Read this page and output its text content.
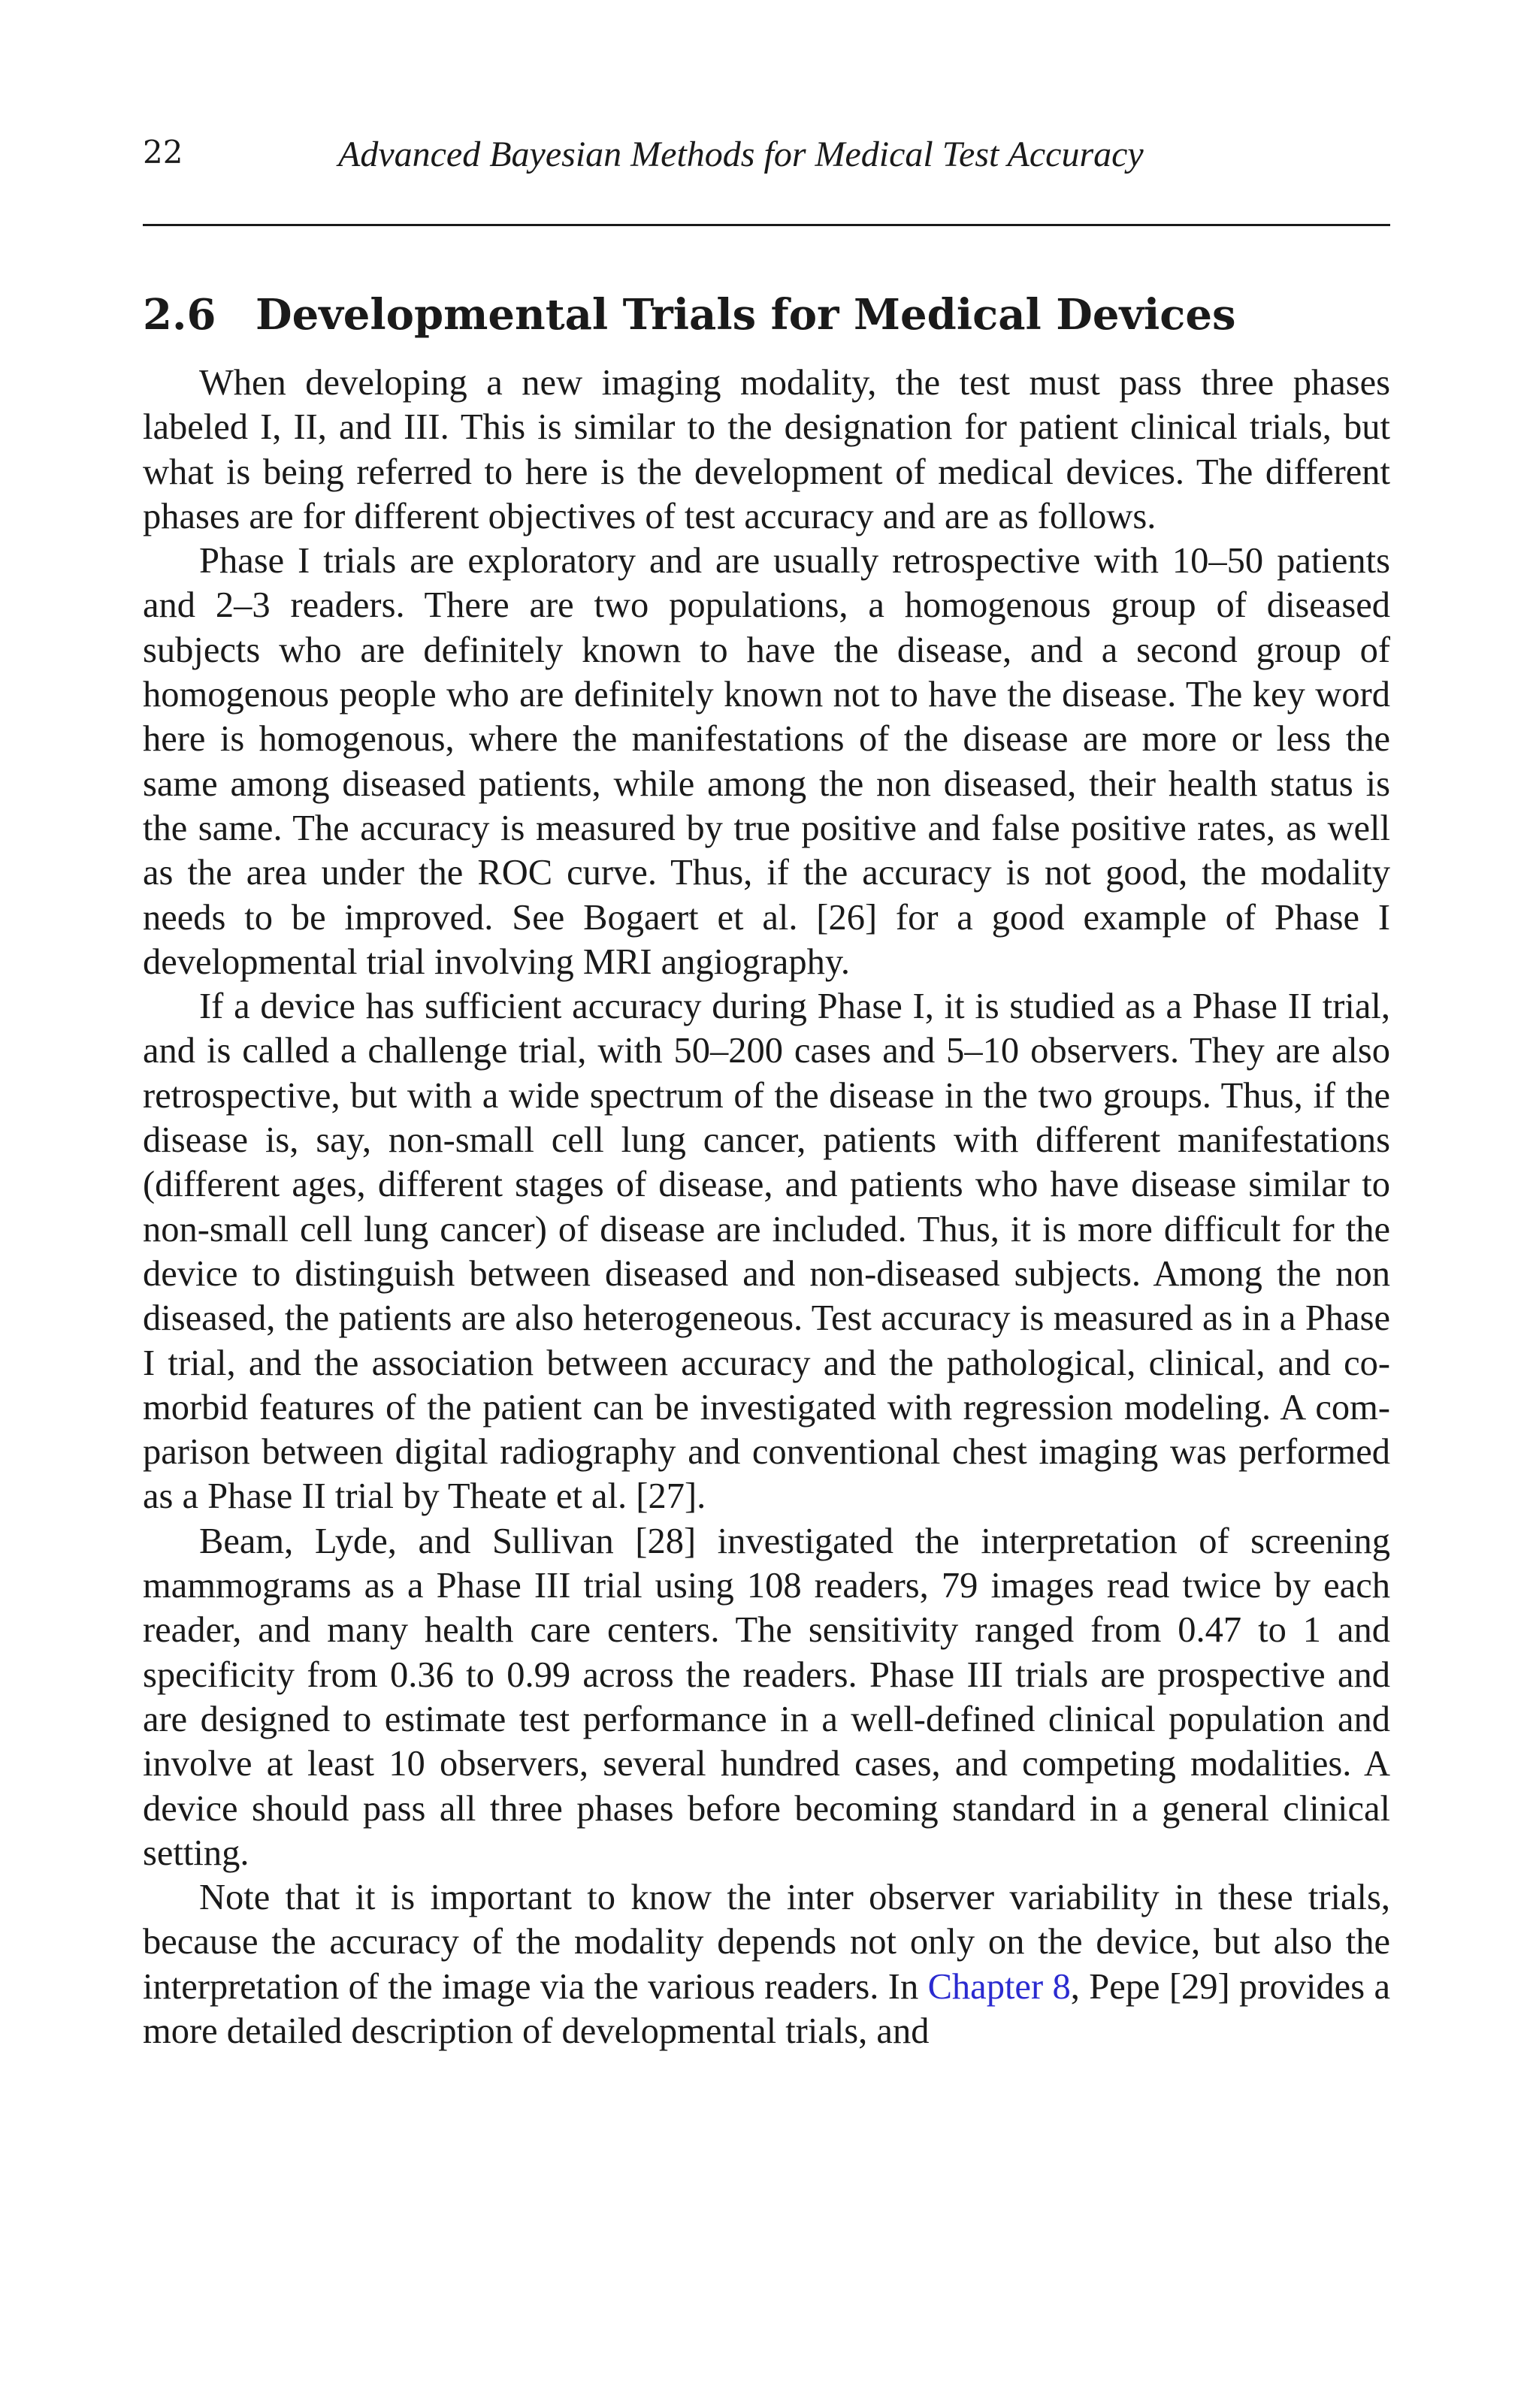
22	Advanced Bayesian Methods for Medical Test Accuracy
2.6 Developmental Trials for Medical Devices

When developing a new imaging modality, the test must pass three phases labeled I, II, and III. This is similar to the designation for patient clinical trials, but what is being referred to here is the development of medical devices. The different phases are for different objectives of test accuracy and are as follows.

Phase I trials are exploratory and are usually retrospective with 10–50 patients and 2–3 readers. There are two populations, a homogenous group of diseased subjects who are definitely known to have the disease, and a second group of homogenous people who are definitely known not to have the disease. The key word here is homogenous, where the manifestations of the disease are more or less the same among diseased patients, while among the non diseased, their health status is the same. The accuracy is measured by true positive and false positive rates, as well as the area under the ROC curve. Thus, if the accuracy is not good, the modality needs to be improved. See Bogaert et al. [26] for a good example of Phase I developmental trial involving MRI angiography.

If a device has sufficient accuracy during Phase I, it is studied as a Phase II trial, and is called a challenge trial, with 50–200 cases and 5–10 observers. They are also retrospective, but with a wide spectrum of the disease in the two groups. Thus, if the disease is, say, non-small cell lung cancer, patients with different manifestations (different ages, different stages of disease, and patients who have disease similar to non-small cell lung cancer) of disease are included. Thus, it is more difficult for the device to distinguish between diseased and non-diseased subjects. Among the non diseased, the patients are also heterogeneous. Test accuracy is measured as in a Phase I trial, and the association between accuracy and the pathological, clinical, and co-morbid features of the patient can be investigated with regression modeling. A comparison between digital radiography and conventional chest imaging was performed as a Phase II trial by Theate et al. [27].

Beam, Lyde, and Sullivan [28] investigated the interpretation of screening mammograms as a Phase III trial using 108 readers, 79 images read twice by each reader, and many health care centers. The sensitivity ranged from 0.47 to 1 and specificity from 0.36 to 0.99 across the readers. Phase III trials are prospective and are designed to estimate test performance in a well-defined clinical population and involve at least 10 observers, several hundred cases, and competing modalities. A device should pass all three phases before becoming standard in a general clinical setting.

Note that it is important to know the inter observer variability in these trials, because the accuracy of the modality depends not only on the device, but also the interpretation of the image via the various readers. In Chapter 8, Pepe [29] provides a more detailed description of developmental trials, and
